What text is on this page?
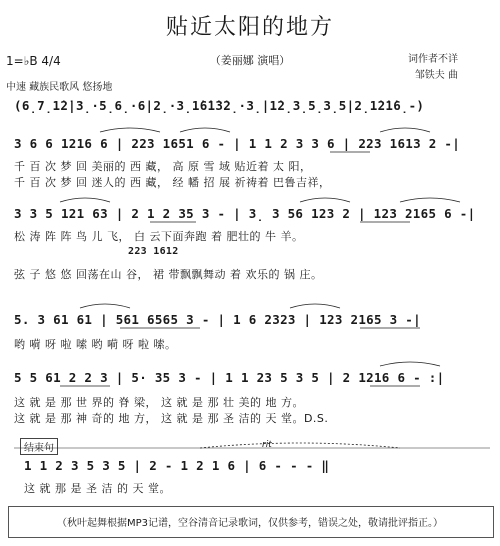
贴近太阳的地方
（姜丽娜 演唱）	词作者不详
邹铁夫 曲
1=♭B 4/4
中速 藏族民歌风 悠扬地
(6̣7̣1̇2̇|3̣·5̣6̣·6|2̣·3̣1̇6̇1̇3̇2̣·3̣|1̇2̣3̣5̣3̣5|2̣1̇2̇1̇6̣-)
3 6 6 1216 6 | 223 1651 6 - | 1 1 2 3 3 6 | 223 1613 2 -|
千 百 次 梦 回 美丽的 西 藏， 高 原 雪 域 贴近着 太 阳，
千 百 次 梦 回 迷人的 西 藏， 经 幡 招 展 祈祷着 巴鲁吉祥，
3 3 5 121 63 | 2 1 2 35 3 - | 3̣ 3 56 123 2 | 123 2165 6 -|
松 涛 阵 阵 鸟 儿 飞， 白 云下面奔跑 着 肥壮的 牛 羊。
223 1612
弦 子 悠 悠 回荡在山 谷， 裙 带飘飘舞动 着 欢乐的 锅 庄。
5. 3 61 61 | 561 6565 3 - | 1 6 2323 | 123 2165 3 -|
哟 嗬 呀 啦 嗦 哟 嗬 呀 啦 嗦。
5 5 61 2 2 3 | 5· 35 3 - | 1 1 23 5 3 5 | 2 1216 6 - :|
这 就 是 那 世 界的 脊 梁， 这 就 是 那 壮 美的 地 方。
这 就 是 那 神 奇的 地 方， 这 就 是 那 圣 洁的 天 堂。D.S.
结束句	rit
1 1 2 3 5 3 5 | 2 - 1 2 1 6 | 6 - - - ‖
这 就 那 是 圣 洁 的 天 堂。
（秋叶起舞根据MP3记谱，空谷清音记录歌词，仅供参考，错误之处，敬请批评指正。）
